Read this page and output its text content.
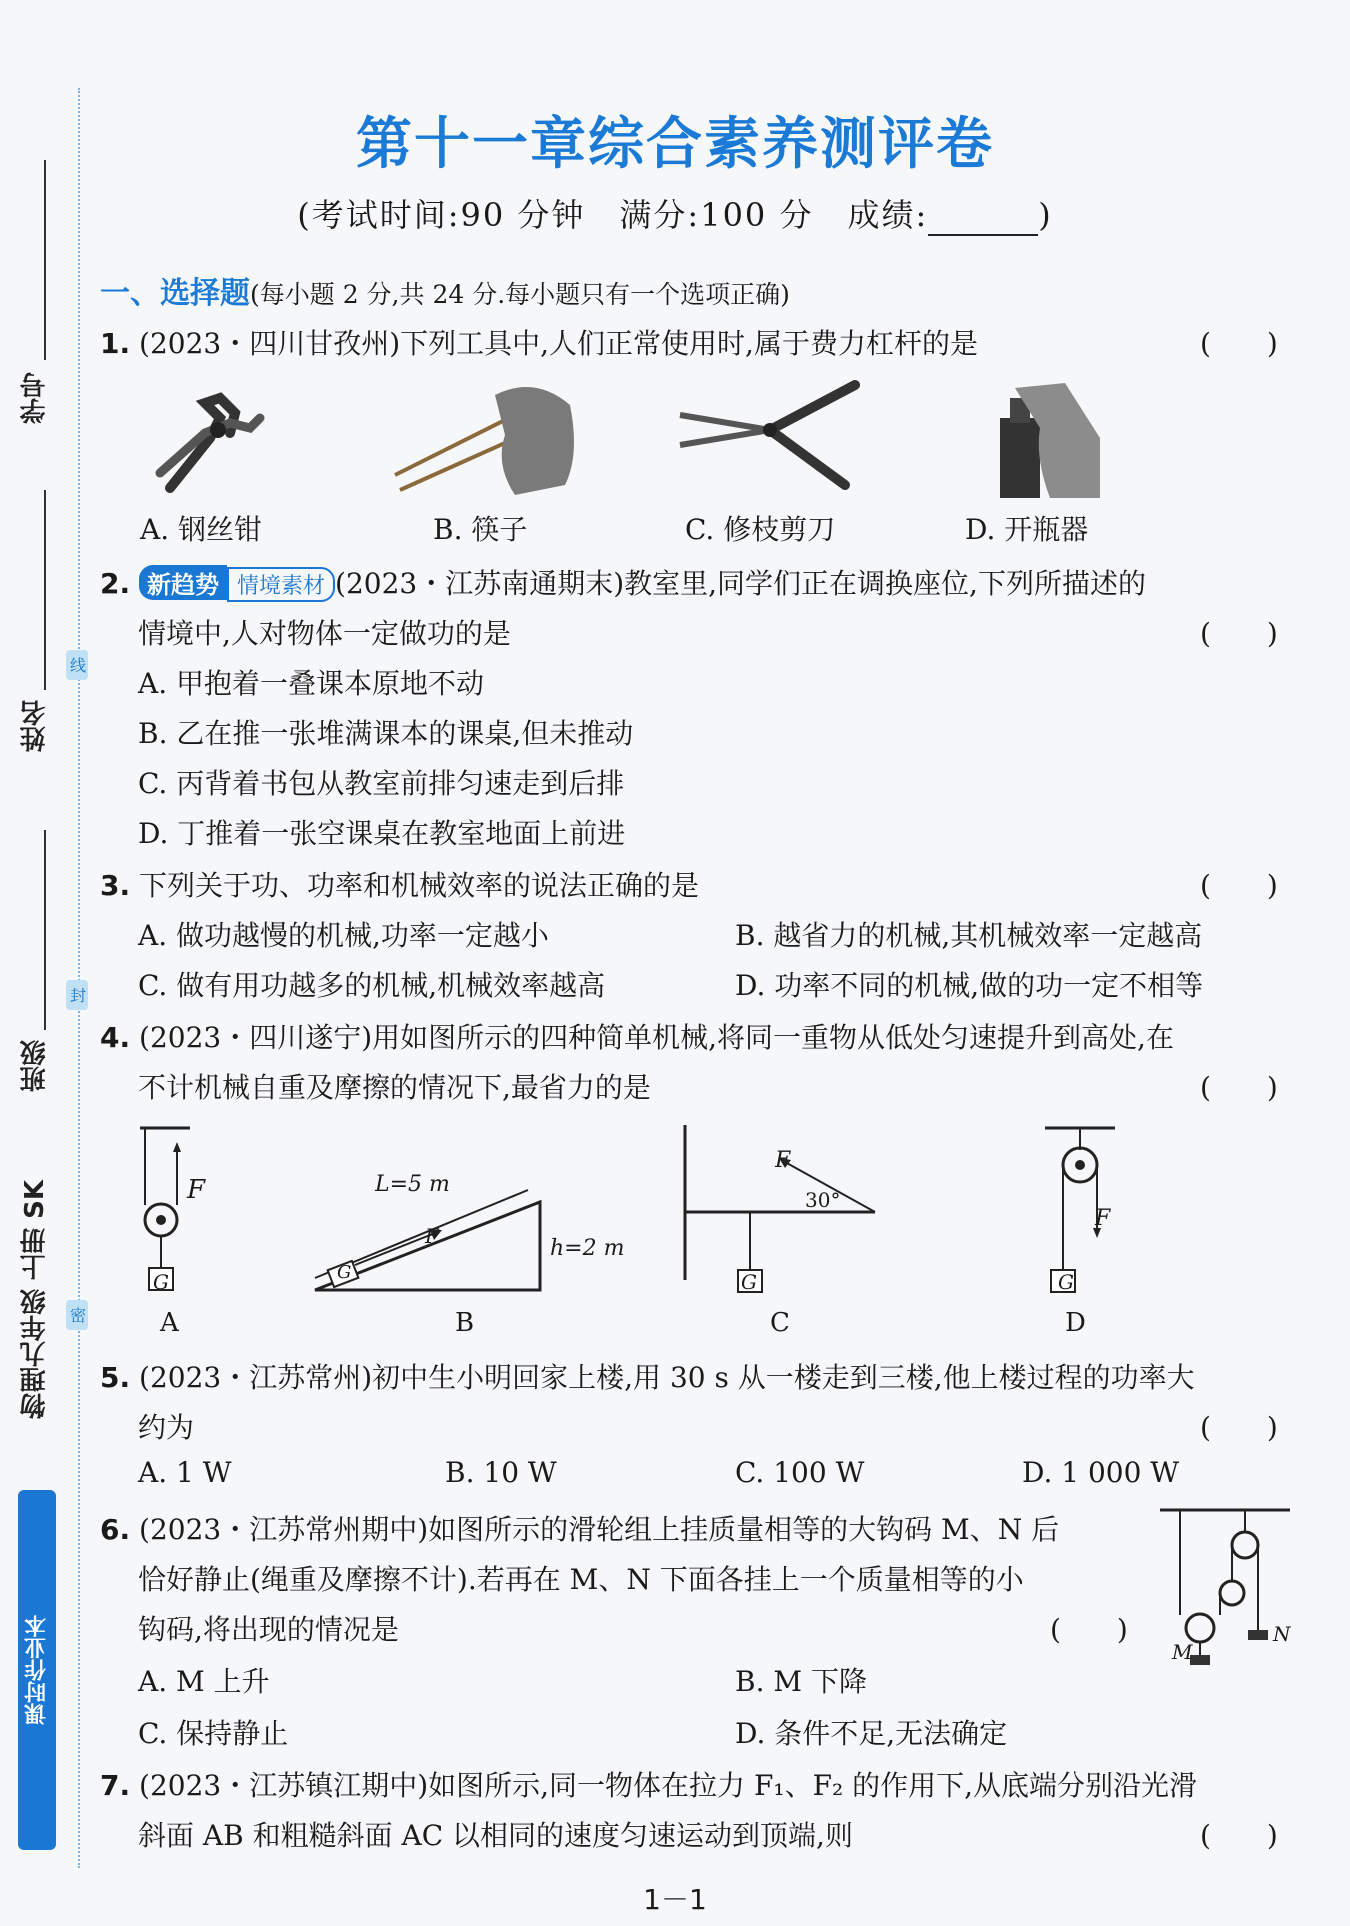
学号
姓名
班级
线
封
密
物理九年级 上册 SK
课时作业本
第十一章综合素养测评卷
(考试时间:90 分钟　满分:100 分　成绩:	)
一、选择题(每小题 2 分,共 24 分.每小题只有一个选项正确)
1. (2023・四川甘孜州)下列工具中,人们正常使用时,属于费力杠杆的是	(　　)
A. 钢丝钳	B. 筷子	C. 修枝剪刀	D. 开瓶器
2. 新趋势 情境素材 (2023・江苏南通期末)教室里,同学们正在调换座位,下列所描述的
情境中,人对物体一定做功的是	(　　)
A. 甲抱着一叠课本原地不动
B. 乙在推一张堆满课本的课桌,但未推动
C. 丙背着书包从教室前排匀速走到后排
D. 丁推着一张空课桌在教室地面上前进
3. 下列关于功、功率和机械效率的说法正确的是	(　　)
A. 做功越慢的机械,功率一定越小	B. 越省力的机械,其机械效率一定越高
C. 做有用功越多的机械,机械效率越高	D. 功率不同的机械,做的功一定不相等
4. (2023・四川遂宁)用如图所示的四种简单机械,将同一重物从低处匀速提升到高处,在
不计机械自重及摩擦的情况下,最省力的是	(　　)
F
G
A
L=5 m
h=2 m
F
G
B
F
30°
G
C
F
G
D
5. (2023・江苏常州)初中生小明回家上楼,用 30 s 从一楼走到三楼,他上楼过程的功率大
约为	(　　)
A. 1 W	B. 10 W	C. 100 W	D. 1 000 W
6. (2023・江苏常州期中)如图所示的滑轮组上挂质量相等的大钩码 M、N 后
恰好静止(绳重及摩擦不计).若再在 M、N 下面各挂上一个质量相等的小
钩码,将出现的情况是	(　　)
A. M 上升	B. M 下降
C. 保持静止	D. 条件不足,无法确定
M
N
7. (2023・江苏镇江期中)如图所示,同一物体在拉力 F₁、F₂ 的作用下,从底端分别沿光滑
斜面 AB 和粗糙斜面 AC 以相同的速度匀速运动到顶端,则	(　　)
1－1
